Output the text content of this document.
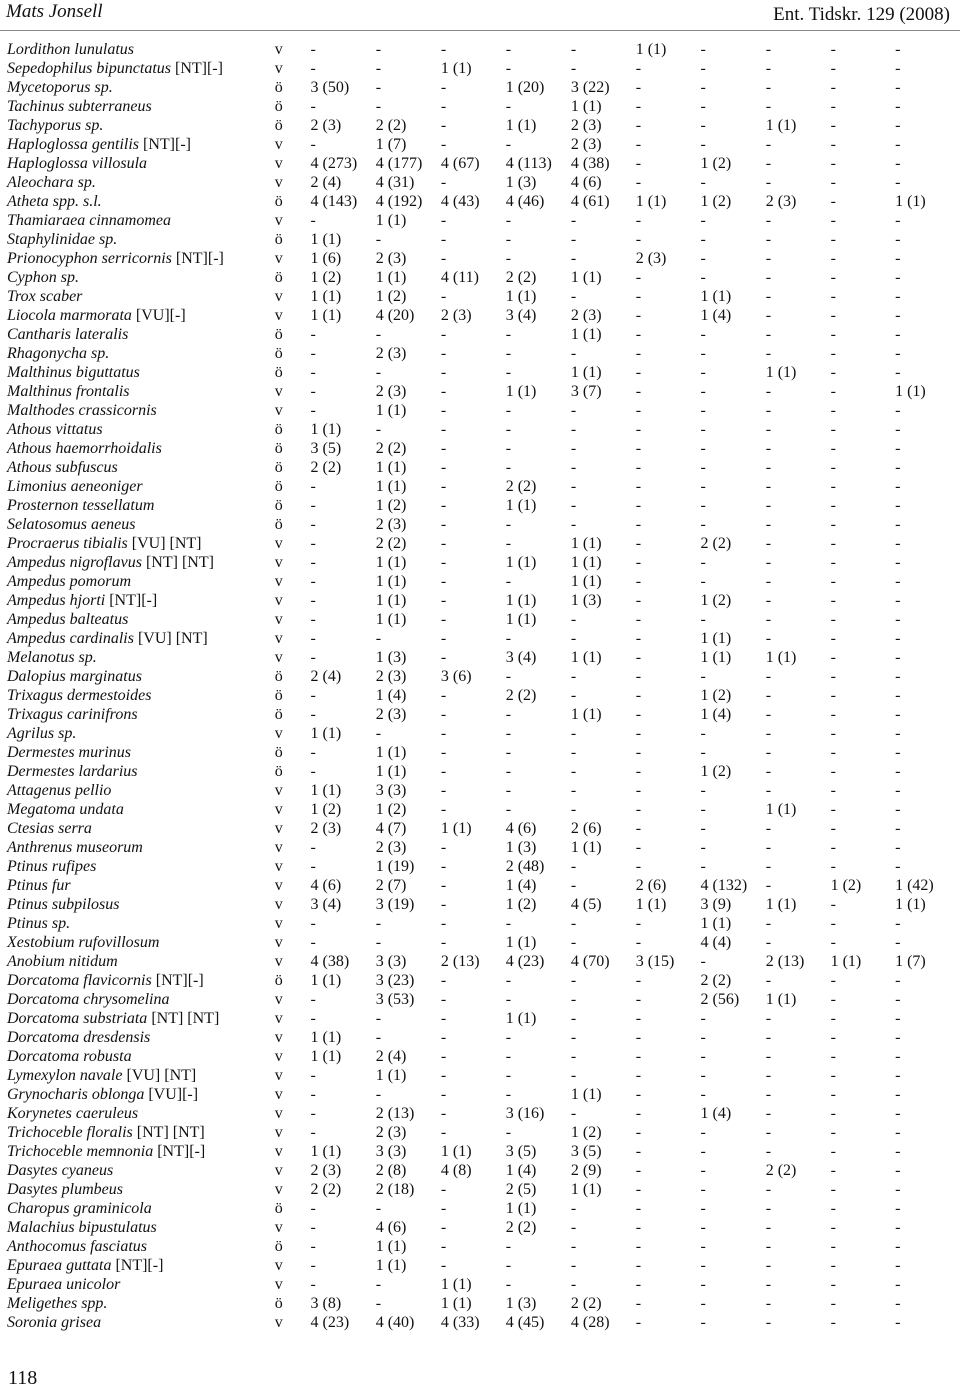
Mats Jonsell	Ent. Tidskr. 129 (2008)
Lordithon lunulatus	v	-	-	-	-	-	1 (1)	-	-	-	-
Sepedophilus bipunctatus [NT][-]	v	-	-	1 (1)	-	-	-	-	-	-	-
Mycetoporus sp.	ö	3 (50)	-	-	1 (20)	3 (22)	-	-	-	-	-
Tachinus subterraneus	ö	-	-	-	-	1 (1)	-	-	-	-	-
Tachyporus sp.	ö	2 (3)	2 (2)	-	1 (1)	2 (3)	-	-	1 (1)	-	-
Haploglossa gentilis [NT][-]	v	-	1 (7)	-	-	2 (3)	-	-	-	-	-
Haploglossa villosula	v	4 (273)	4 (177)	4 (67)	4 (113)	4 (38)	-	1 (2)	-	-	-
Aleochara sp.	v	2 (4)	4 (31)	-	1 (3)	4 (6)	-	-	-	-	-
Atheta spp. s.l.	ö	4 (143)	4 (192)	4 (43)	4 (46)	4 (61)	1 (1)	1 (2)	2 (3)	-	1 (1)
Thamiaraea cinnamomea	v	-	1 (1)	-	-	-	-	-	-	-	-
Staphylinidae sp.	ö	1 (1)	-	-	-	-	-	-	-	-	-
Prionocyphon serricornis [NT][-]	v	1 (6)	2 (3)	-	-	-	2 (3)	-	-	-	-
Cyphon sp.	ö	1 (2)	1 (1)	4 (11)	2 (2)	1 (1)	-	-	-	-	-
Trox scaber	v	1 (1)	1 (2)	-	1 (1)	-	-	1 (1)	-	-	-
Liocola marmorata [VU][-]	v	1 (1)	4 (20)	2 (3)	3 (4)	2 (3)	-	1 (4)	-	-	-
Cantharis lateralis	ö	-	-	-	-	1 (1)	-	-	-	-	-
Rhagonycha sp.	ö	-	2 (3)	-	-	-	-	-	-	-	-
Malthinus biguttatus	ö	-	-	-	-	1 (1)	-	-	1 (1)	-	-
Malthinus frontalis	v	-	2 (3)	-	1 (1)	3 (7)	-	-	-	-	1 (1)
Malthodes crassicornis	v	-	1 (1)	-	-	-	-	-	-	-	-
Athous vittatus	ö	1 (1)	-	-	-	-	-	-	-	-	-
Athous haemorrhoidalis	ö	3 (5)	2 (2)	-	-	-	-	-	-	-	-
Athous subfuscus	ö	2 (2)	1 (1)	-	-	-	-	-	-	-	-
Limonius aeneoniger	ö	-	1 (1)	-	2 (2)	-	-	-	-	-	-
Prosternon tessellatum	ö	-	1 (2)	-	1 (1)	-	-	-	-	-	-
Selatosomus aeneus	ö	-	2 (3)	-	-	-	-	-	-	-	-
Procraerus tibialis [VU] [NT]	v	-	2 (2)	-	-	1 (1)	-	2 (2)	-	-	-
Ampedus nigroflavus [NT] [NT]	v	-	1 (1)	-	1 (1)	1 (1)	-	-	-	-	-
Ampedus pomorum	v	-	1 (1)	-	-	1 (1)	-	-	-	-	-
Ampedus hjorti [NT][-]	v	-	1 (1)	-	1 (1)	1 (3)	-	1 (2)	-	-	-
Ampedus balteatus	v	-	1 (1)	-	1 (1)	-	-	-	-	-	-
Ampedus cardinalis [VU] [NT]	v	-	-	-	-	-	-	1 (1)	-	-	-
Melanotus sp.	v	-	1 (3)	-	3 (4)	1 (1)	-	1 (1)	1 (1)	-	-
Dalopius marginatus	ö	2 (4)	2 (3)	3 (6)	-	-	-	-	-	-	-
Trixagus dermestoides	ö	-	1 (4)	-	2 (2)	-	-	1 (2)	-	-	-
Trixagus carinifrons	ö	-	2 (3)	-	-	1 (1)	-	1 (4)	-	-	-
Agrilus sp.	v	1 (1)	-	-	-	-	-	-	-	-	-
Dermestes murinus	ö	-	1 (1)	-	-	-	-	-	-	-	-
Dermestes lardarius	ö	-	1 (1)	-	-	-	-	1 (2)	-	-	-
Attagenus pellio	v	1 (1)	3 (3)	-	-	-	-	-	-	-	-
Megatoma undata	v	1 (2)	1 (2)	-	-	-	-	-	1 (1)	-	-
Ctesias serra	v	2 (3)	4 (7)	1 (1)	4 (6)	2 (6)	-	-	-	-	-
Anthrenus museorum	v	-	2 (3)	-	1 (3)	1 (1)	-	-	-	-	-
Ptinus rufipes	v	-	1 (19)	-	2 (48)	-	-	-	-	-	-
Ptinus fur	v	4 (6)	2 (7)	-	1 (4)	-	2 (6)	4 (132)	-	1 (2)	1 (42)
Ptinus subpilosus	v	3 (4)	3 (19)	-	1 (2)	4 (5)	1 (1)	3 (9)	1 (1)	-	1 (1)
Ptinus sp.	v	-	-	-	-	-	-	1 (1)	-	-	-
Xestobium rufovillosum	v	-	-	-	1 (1)	-	-	4 (4)	-	-	-
Anobium nitidum	v	4 (38)	3 (3)	2 (13)	4 (23)	4 (70)	3 (15)	-	2 (13)	1 (1)	1 (7)
Dorcatoma flavicornis [NT][-]	ö	1 (1)	3 (23)	-	-	-	-	2 (2)	-	-	-
Dorcatoma chrysomelina	v	-	3 (53)	-	-	-	-	2 (56)	1 (1)	-	-
Dorcatoma substriata [NT] [NT]	v	-	-	-	1 (1)	-	-	-	-	-	-
Dorcatoma dresdensis	v	1 (1)	-	-	-	-	-	-	-	-	-
Dorcatoma robusta	v	1 (1)	2 (4)	-	-	-	-	-	-	-	-
Lymexylon navale [VU] [NT]	v	-	1 (1)	-	-	-	-	-	-	-	-
Grynocharis oblonga [VU][-]	v	-	-	-	-	1 (1)	-	-	-	-	-
Korynetes caeruleus	v	-	2 (13)	-	3 (16)	-	-	1 (4)	-	-	-
Trichoceble floralis [NT] [NT]	v	-	2 (3)	-	-	1 (2)	-	-	-	-	-
Trichoceble memnonia [NT][-]	v	1 (1)	3 (3)	1 (1)	3 (5)	3 (5)	-	-	-	-	-
Dasytes cyaneus	v	2 (3)	2 (8)	4 (8)	1 (4)	2 (9)	-	-	2 (2)	-	-
Dasytes plumbeus	v	2 (2)	2 (18)	-	2 (5)	1 (1)	-	-	-	-	-
Charopus graminicola	ö	-	-	-	1 (1)	-	-	-	-	-	-
Malachius bipustulatus	v	-	4 (6)	-	2 (2)	-	-	-	-	-	-
Anthocomus fasciatus	ö	-	1 (1)	-	-	-	-	-	-	-	-
Epuraea guttata [NT][-]	v	-	1 (1)	-	-	-	-	-	-	-	-
Epuraea unicolor	v	-	-	1 (1)	-	-	-	-	-	-	-
Meligethes spp.	ö	3 (8)	-	1 (1)	1 (3)	2 (2)	-	-	-	-	-
Soronia grisea	v	4 (23)	4 (40)	4 (33)	4 (45)	4 (28)	-	-	-	-	-
118
